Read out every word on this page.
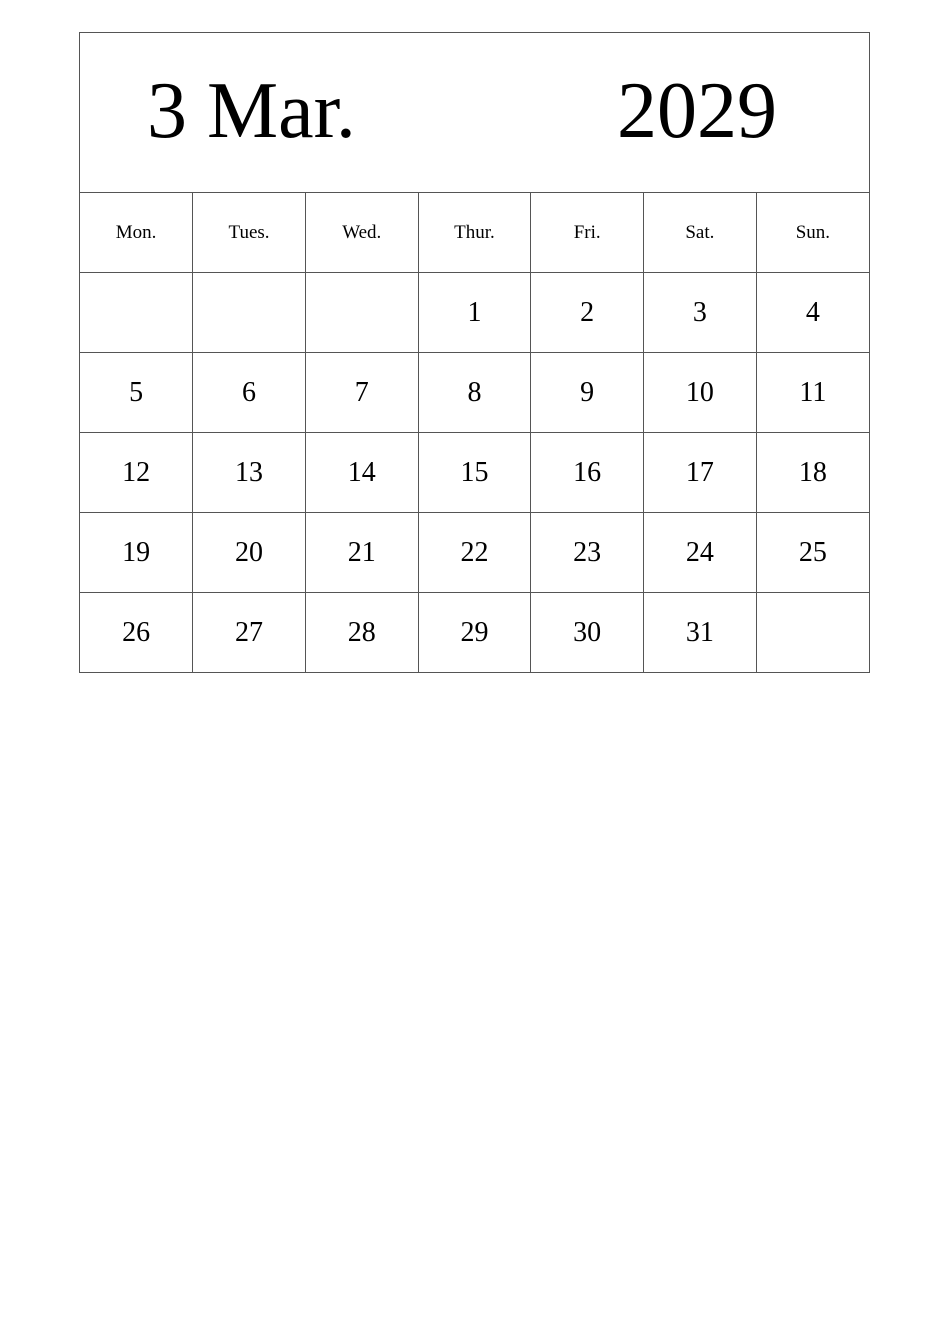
3 Mar.	2029
Mon.	Tues.	Wed.	Thur.	Fri.	Sat.	Sun.
			1	2	3	4
5	6	7	8	9	10	11
12	13	14	15	16	17	18
19	20	21	22	23	24	25
26	27	28	29	30	31	
